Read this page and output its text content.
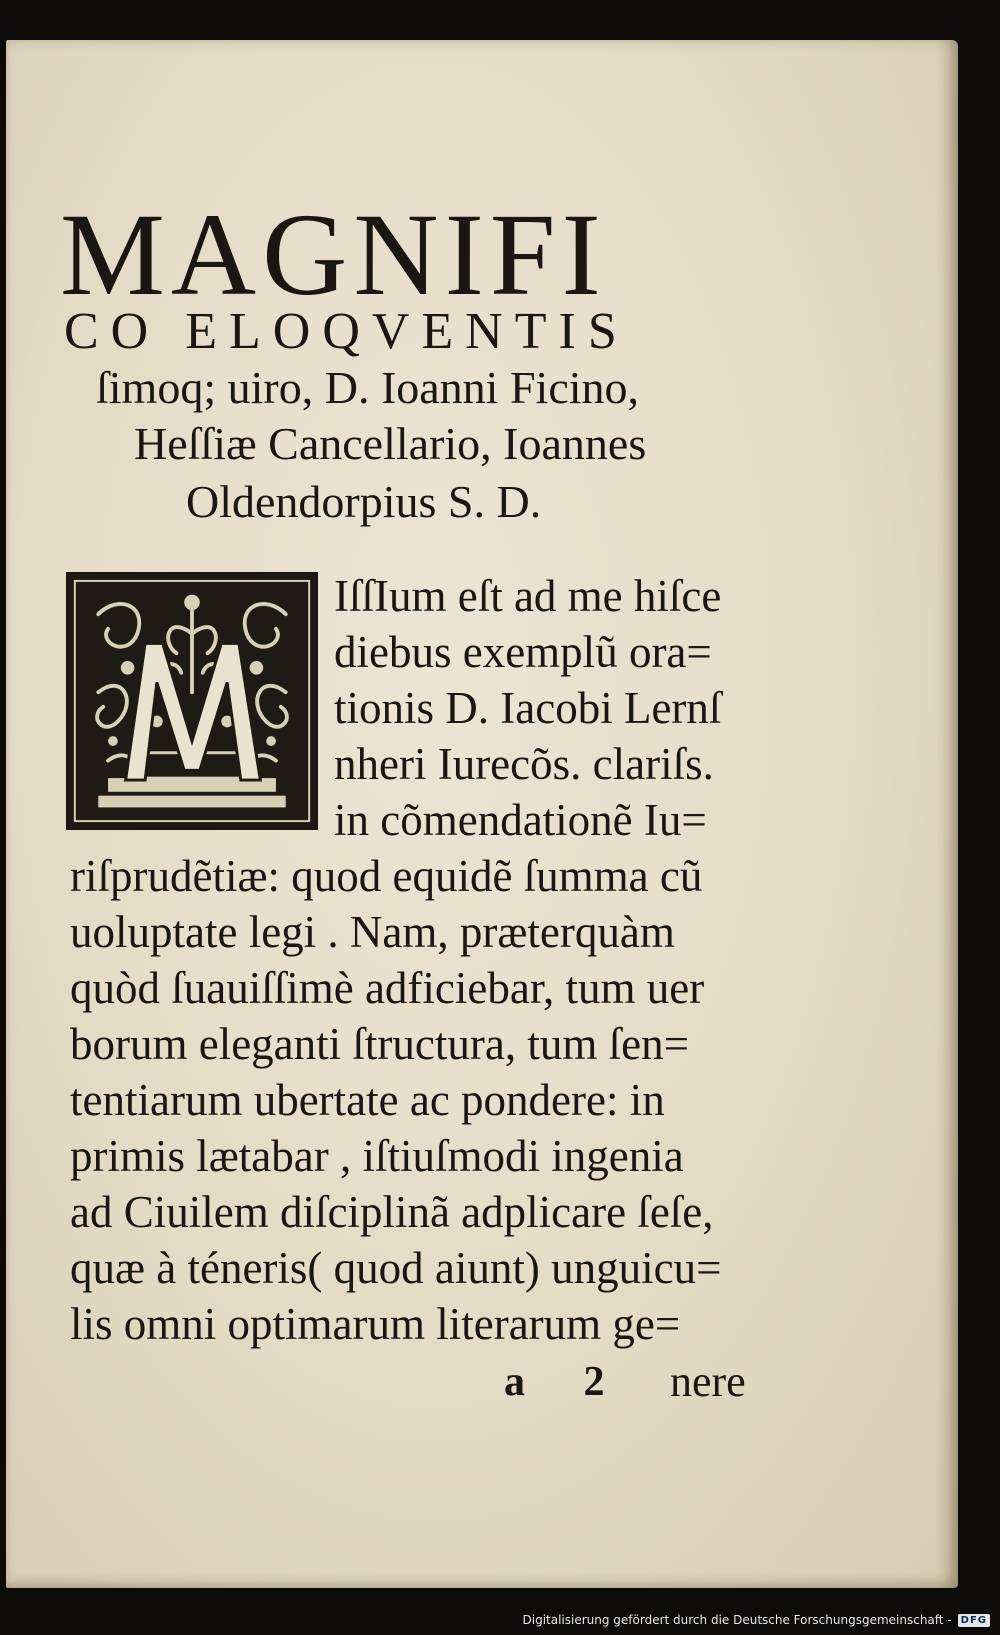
MAGNIFI
CO ELOQVENTIS
ſimoq; uiro, D. Ioanni Ficino,
Heſſiæ Cancellario, Ioannes
Oldendorpius S. D.
IſſIum eſt ad me hiſce
diebus exemplũ ora=
tionis D. Iacobi Lernſ
nheri Iurecõs. clariſs.
in cõmendationẽ Iu=
riſprudẽtiæ: quod equidẽ ſumma cũ
uoluptate legi . Nam, præterquàm
quòd ſuauiſſimè adficiebar, tum uer
borum eleganti ſtructura, tum ſen=
tentiarum ubertate ac pondere: in
primis lætabar , iſtiuſmodi ingenia
ad Ciuilem diſciplinã adplicare ſeſe,
quæ à téneris( quod aiunt) unguicu=
lis omni optimarum literarum ge=
a 2 nere
Digitalisierung gefördert durch die Deutsche Forschungsgemeinschaft - DFG
